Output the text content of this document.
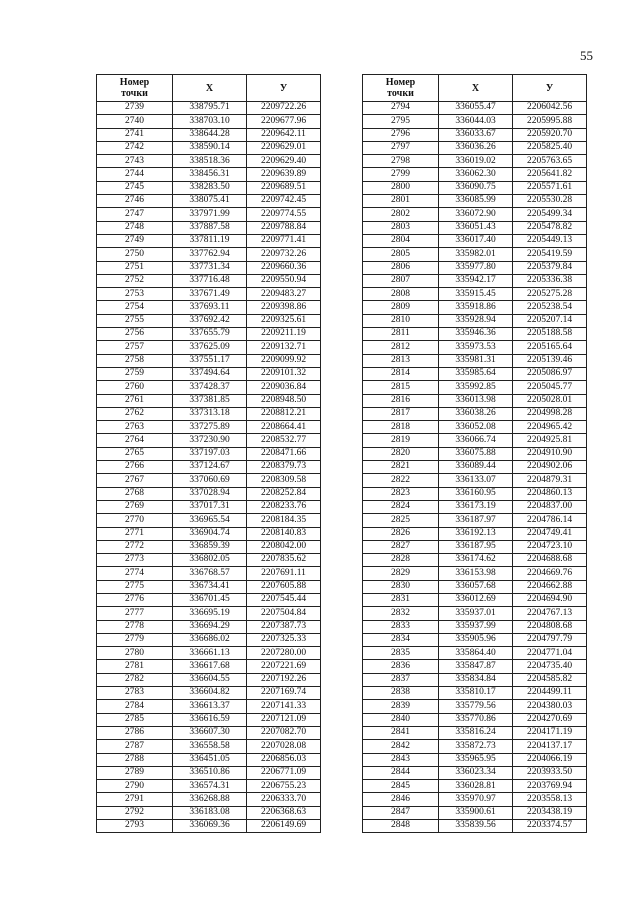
55
Номер
точки	X	У
2739	338795.71	2209722.26
2740	338703.10	2209677.96
2741	338644.28	2209642.11
2742	338590.14	2209629.01
2743	338518.36	2209629.40
2744	338456.31	2209639.89
2745	338283.50	2209689.51
2746	338075.41	2209742.45
2747	337971.99	2209774.55
2748	337887.58	2209788.84
2749	337811.19	2209771.41
2750	337762.94	2209732.26
2751	337731.34	2209660.36
2752	337716.48	2209550.94
2753	337671.49	2209483.27
2754	337693.11	2209398.86
2755	337692.42	2209325.61
2756	337655.79	2209211.19
2757	337625.09	2209132.71
2758	337551.17	2209099.92
2759	337494.64	2209101.32
2760	337428.37	2209036.84
2761	337381.85	2208948.50
2762	337313.18	2208812.21
2763	337275.89	2208664.41
2764	337230.90	2208532.77
2765	337197.03	2208471.66
2766	337124.67	2208379.73
2767	337060.69	2208309.58
2768	337028.94	2208252.84
2769	337017.31	2208233.76
2770	336965.54	2208184.35
2771	336904.74	2208140.83
2772	336859.39	2208042.00
2773	336802.05	2207835.62
2774	336768.57	2207691.11
2775	336734.41	2207605.88
2776	336701.45	2207545.44
2777	336695.19	2207504.84
2778	336694.29	2207387.73
2779	336686.02	2207325.33
2780	336661.13	2207280.00
2781	336617.68	2207221.69
2782	336604.55	2207192.26
2783	336604.82	2207169.74
2784	336613.37	2207141.33
2785	336616.59	2207121.09
2786	336607.30	2207082.70
2787	336558.58	2207028.08
2788	336451.05	2206856.03
2789	336510.86	2206771.09
2790	336574.31	2206755.23
2791	336268.88	2206333.70
2792	336183.08	2206368.63
2793	336069.36	2206149.69
Номер
точки	X	У
2794	336055.47	2206042.56
2795	336044.03	2205995.88
2796	336033.67	2205920.70
2797	336036.26	2205825.40
2798	336019.02	2205763.65
2799	336062.30	2205641.82
2800	336090.75	2205571.61
2801	336085.99	2205530.28
2802	336072.90	2205499.34
2803	336051.43	2205478.82
2804	336017.40	2205449.13
2805	335982.01	2205419.59
2806	335977.80	2205379.84
2807	335942.17	2205336.38
2808	335915.45	2205275.28
2809	335918.86	2205238.54
2810	335928.94	2205207.14
2811	335946.36	2205188.58
2812	335973.53	2205165.64
2813	335981.31	2205139.46
2814	335985.64	2205086.97
2815	335992.85	2205045.77
2816	336013.98	2205028.01
2817	336038.26	2204998.28
2818	336052.08	2204965.42
2819	336066.74	2204925.81
2820	336075.88	2204910.90
2821	336089.44	2204902.06
2822	336133.07	2204879.31
2823	336160.95	2204860.13
2824	336173.19	2204837.00
2825	336187.97	2204786.14
2826	336192.13	2204749.41
2827	336187.95	2204723.10
2828	336174.62	2204688.68
2829	336153.98	2204669.76
2830	336057.68	2204662.88
2831	336012.69	2204694.90
2832	335937.01	2204767.13
2833	335937.99	2204808.68
2834	335905.96	2204797.79
2835	335864.40	2204771.04
2836	335847.87	2204735.40
2837	335834.84	2204585.82
2838	335810.17	2204499.11
2839	335779.56	2204380.03
2840	335770.86	2204270.69
2841	335816.24	2204171.19
2842	335872.73	2204137.17
2843	335965.95	2204066.19
2844	336023.34	2203933.50
2845	336028.81	2203769.94
2846	335970.97	2203558.13
2847	335900.61	2203438.19
2848	335839.56	2203374.57
